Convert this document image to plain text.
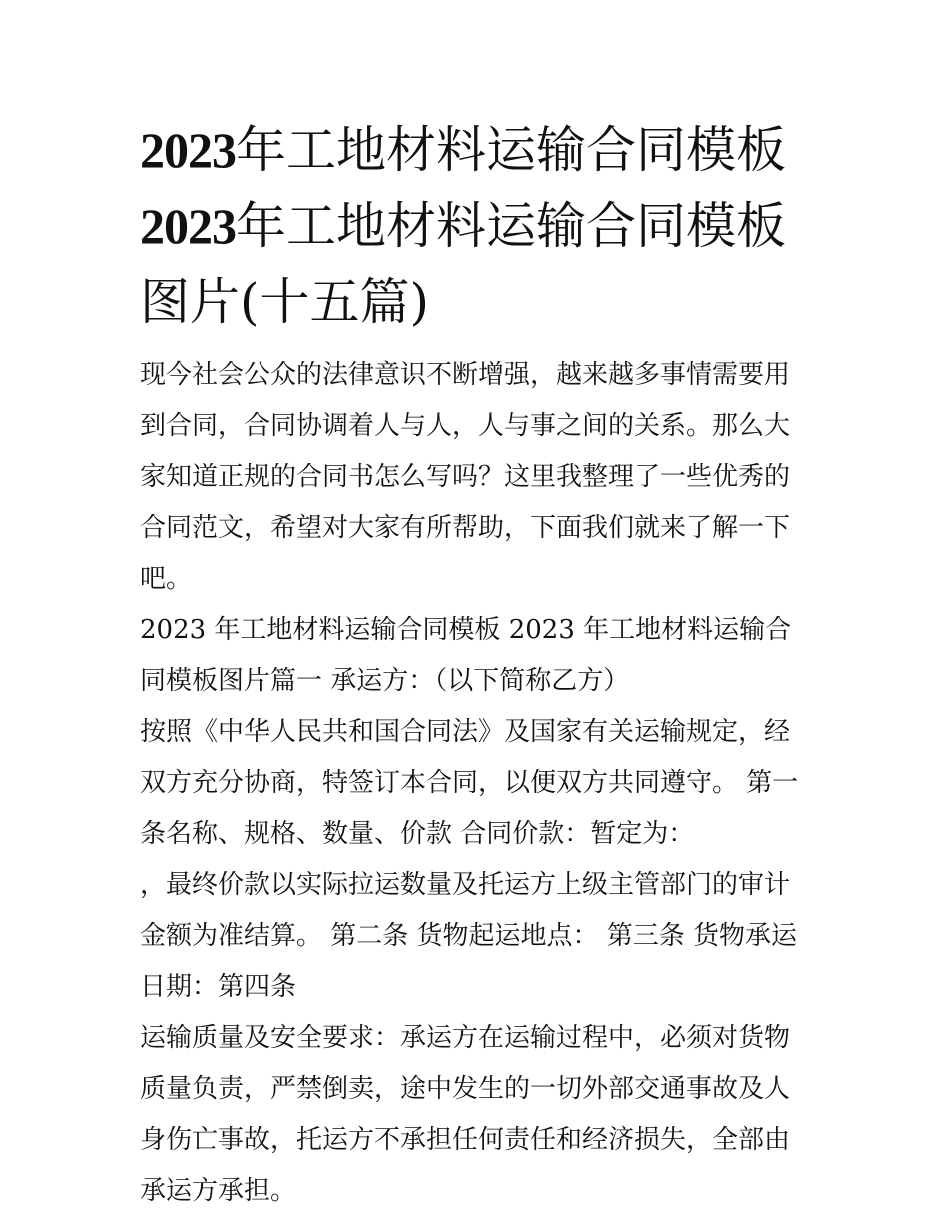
2023年工地材料运输合同模板
2023年工地材料运输合同模板
图片(十五篇)

现今社会公众的法律意识不断增强，越来越多事情需要用到合同，合同协调着人与人，人与事之间的关系。那么大家知道正规的合同书怎么写吗？这里我整理了一些优秀的合同范文，希望对大家有所帮助，下面我们就来了解一下吧。

2023 年工地材料运输合同模板 2023 年工地材料运输合同模板图片篇一 承运方：（以下简称乙方）

按照《中华人民共和国合同法》及国家有关运输规定，经双方充分协商，特签订本合同，以便双方共同遵守。 第一条名称、规格、数量、价款 合同价款：暂定为：

，最终价款以实际拉运数量及托运方上级主管部门的审计金额为准结算。 第二条 货物起运地点： 第三条 货物承运日期：第四条

运输质量及安全要求：承运方在运输过程中，必须对货物质量负责，严禁倒卖，途中发生的一切外部交通事故及人身伤亡事故，托运方不承担任何责任和经济损失，全部由承运方承担。
